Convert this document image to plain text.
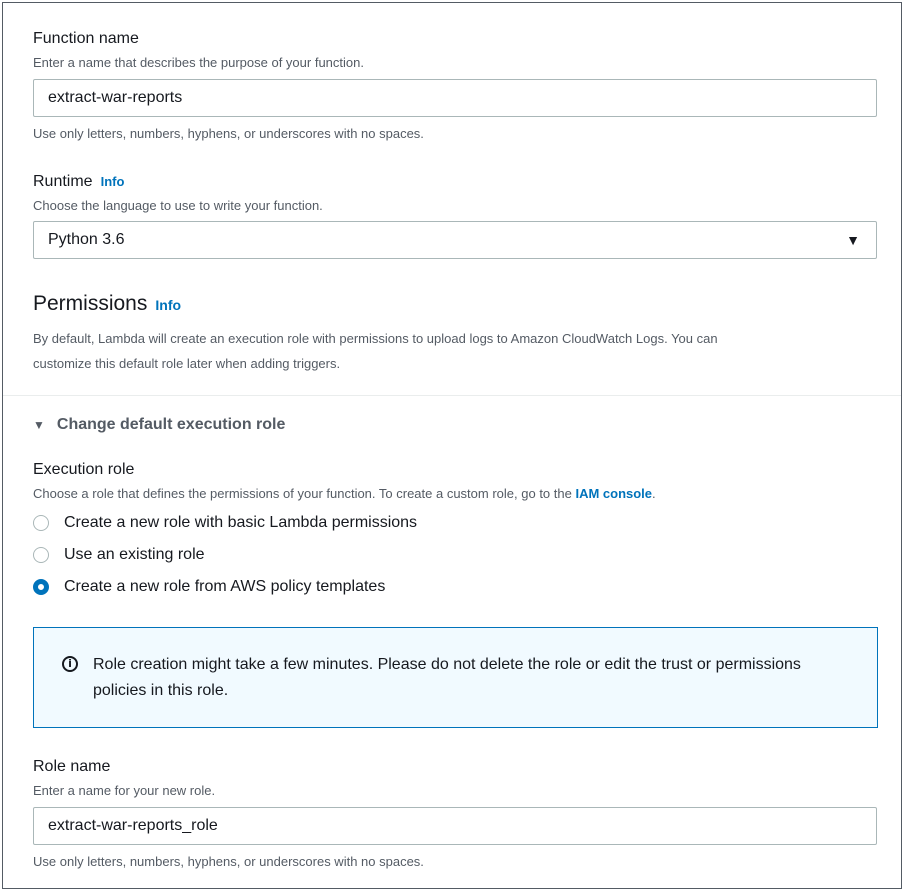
Function name
Enter a name that describes the purpose of your function.
extract-war-reports
Use only letters, numbers, hyphens, or underscores with no spaces.
Runtime Info
Choose the language to use to write your function.
Python 3.6	▼
Permissions Info
By default, Lambda will create an execution role with permissions to upload logs to Amazon CloudWatch Logs. You can
customize this default role later when adding triggers.
▼ Change default execution role
Execution role
Choose a role that defines the permissions of your function. To create a custom role, go to the IAM console.
Create a new role with basic Lambda permissions
Use an existing role
Create a new role from AWS policy templates
i	Role creation might take a few minutes. Please do not delete the role or edit the trust or permissions policies in this role.
Role name
Enter a name for your new role.
extract-war-reports_role
Use only letters, numbers, hyphens, or underscores with no spaces.
